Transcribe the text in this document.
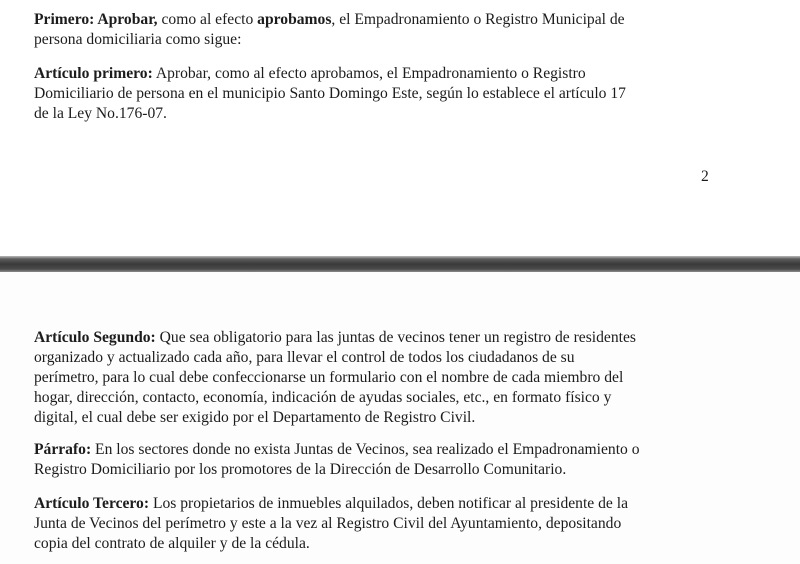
Primero: Aprobar, como al efecto aprobamos, el Empadronamiento o Registro Municipal de
persona domiciliaria como sigue:

Artículo primero: Aprobar, como al efecto aprobamos, el Empadronamiento o Registro
Domiciliario de persona en el municipio Santo Domingo Este, según lo establece el artículo 17
de la Ley No.176-07.

2

Artículo Segundo: Que sea obligatorio para las juntas de vecinos tener un registro de residentes
organizado y actualizado cada año, para llevar el control de todos los ciudadanos de su
perímetro, para lo cual debe confeccionarse un formulario con el nombre de cada miembro del
hogar, dirección, contacto, economía, indicación de ayudas sociales, etc., en formato físico y
digital, el cual debe ser exigido por el Departamento de Registro Civil.

Párrafo: En los sectores donde no exista Juntas de Vecinos, sea realizado el Empadronamiento o
Registro Domiciliario por los promotores de la Dirección de Desarrollo Comunitario.

Artículo Tercero: Los propietarios de inmuebles alquilados, deben notificar al presidente de la
Junta de Vecinos del perímetro y este a la vez al Registro Civil del Ayuntamiento, depositando
copia del contrato de alquiler y de la cédula.
